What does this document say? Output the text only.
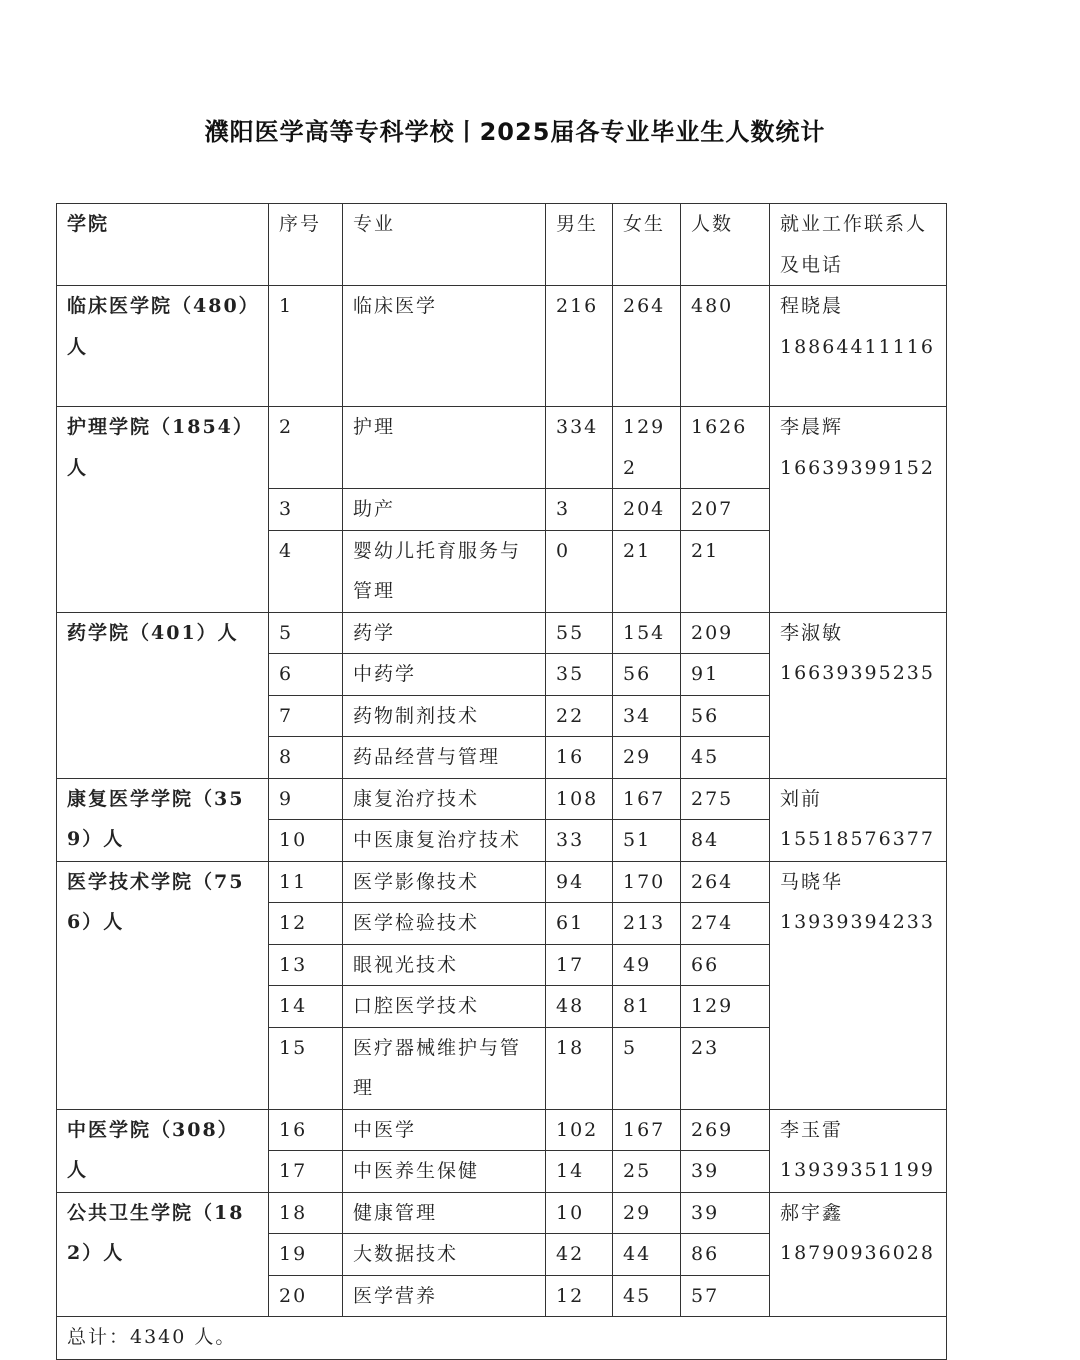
濮阳医学高等专科学校丨2025届各专业毕业生人数统计
学院	序号	专业	男生	女生	人数	就业工作联系人及电话
临床医学院（480）人	1	临床医学	216	264	480	程晓晨
18864411116

护理学院（1854）人	2	护理	334	1292	1626	李晨辉
16639399152

	3	助产	3	204	207	
	4	婴幼儿托育服务与管理	0	21	21	
药学院（401）人	5	药学	55	154	209	李淑敏
16639395235

	6	中药学	35	56	91	
	7	药物制剂技术	22	34	56	
	8	药品经营与管理	16	29	45	
康复医学学院（359）人	9	康复治疗技术	108	167	275	刘前
15518576377

	10	中医康复治疗技术	33	51	84	
医学技术学院（756）人	11	医学影像技术	94	170	264	马晓华
13939394233

	12	医学检验技术	61	213	274	
	13	眼视光技术	17	49	66	
	14	口腔医学技术	48	81	129	
	15	医疗器械维护与管理	18	5	23	
中医学院（308）人	16	中医学	102	167	269	李玉雷
13939351199

	17	中医养生保健	14	25	39	
公共卫生学院（182）人	18	健康管理	10	29	39	郝宇鑫
18790936028

	19	大数据技术	42	44	86	
	20	医学营养	12	45	57	
总计：4340 人。						
